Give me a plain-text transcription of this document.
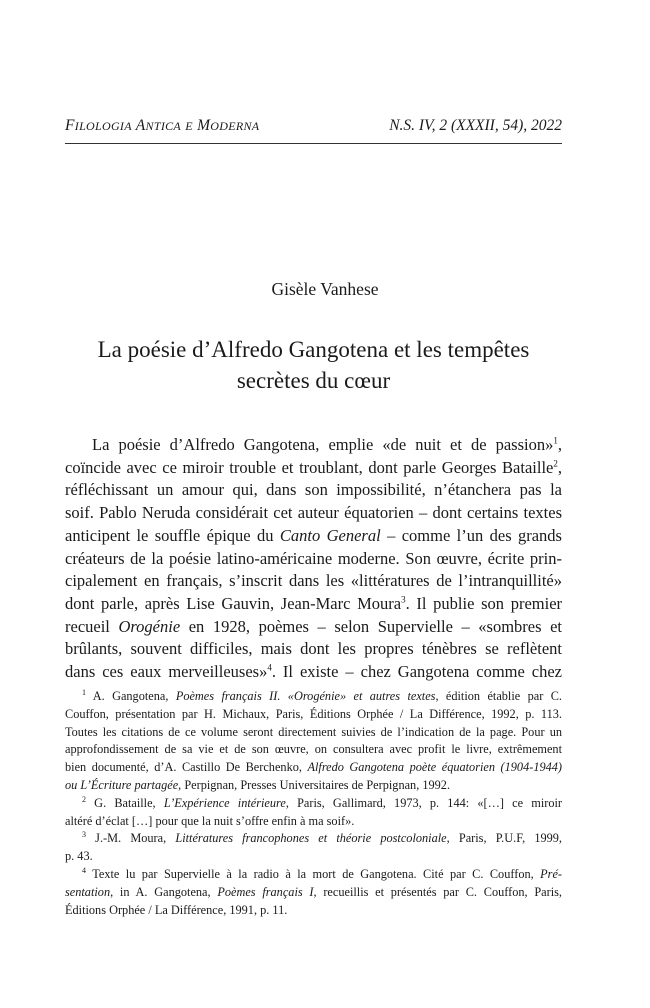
FILOLOGIA ANTICA E MODERNA	N.S. IV, 2 (XXXII, 54), 2022
Gisèle Vanhese
La poésie d’Alfredo Gangotena et les tempêtes
secrètes du cœur
La poésie d’Alfredo Gangotena, emplie «de nuit et de passion»$^1$,
coïncide avec ce miroir trouble et troublant, dont parle Georges Bataille$^2$,
réfléchissant un amour qui, dans son impossibilité, n’étanchera pas la
soif. Pablo Neruda considérait cet auteur équatorien – dont certains textes
anticipent le souffle épique du Canto General – comme l’un des grands
créateurs de la poésie latino-américaine moderne. Son œuvre, écrite prin-
cipalement en français, s’inscrit dans les «littératures de l’intranquillité»
dont parle, après Lise Gauvin, Jean-Marc Moura$^3$. Il publie son premier
recueil Orogénie en 1928, poèmes – selon Supervielle – «sombres et
brûlants, souvent difficiles, mais dont les propres ténèbres se reflètent
dans ces eaux merveilleuses»$^4$. Il existe – chez Gangotena comme chez
$^1$ A. Gangotena, Poèmes français II. «Orogénie» et autres textes, édition établie par C.
Couffon, présentation par H. Michaux, Paris, Éditions Orphée / La Différence, 1992, p. 113.
Toutes les citations de ce volume seront directement suivies de l’indication de la page. Pour un
approfondissement de sa vie et de son œuvre, on consultera avec profit le livre, extrêmement
bien documenté, d’A. Castillo De Berchenko, Alfredo Gangotena poète équatorien (1904-1944)
ou L’Écriture partagée, Perpignan, Presses Universitaires de Perpignan, 1992.
$^2$ G. Bataille, L’Expérience intérieure, Paris, Gallimard, 1973, p. 144: «[…] ce miroir
altéré d’éclat […] pour que la nuit s’offre enfin à ma soif».
$^3$ J.-M. Moura, Littératures francophones et théorie postcoloniale, Paris, P.U.F, 1999,
p. 43.
$^4$ Texte lu par Supervielle à la radio à la mort de Gangotena. Cité par C. Couffon, Pré-
sentation, in A. Gangotena, Poèmes français I, recueillis et présentés par C. Couffon, Paris,
Éditions Orphée / La Différence, 1991, p. 11.
